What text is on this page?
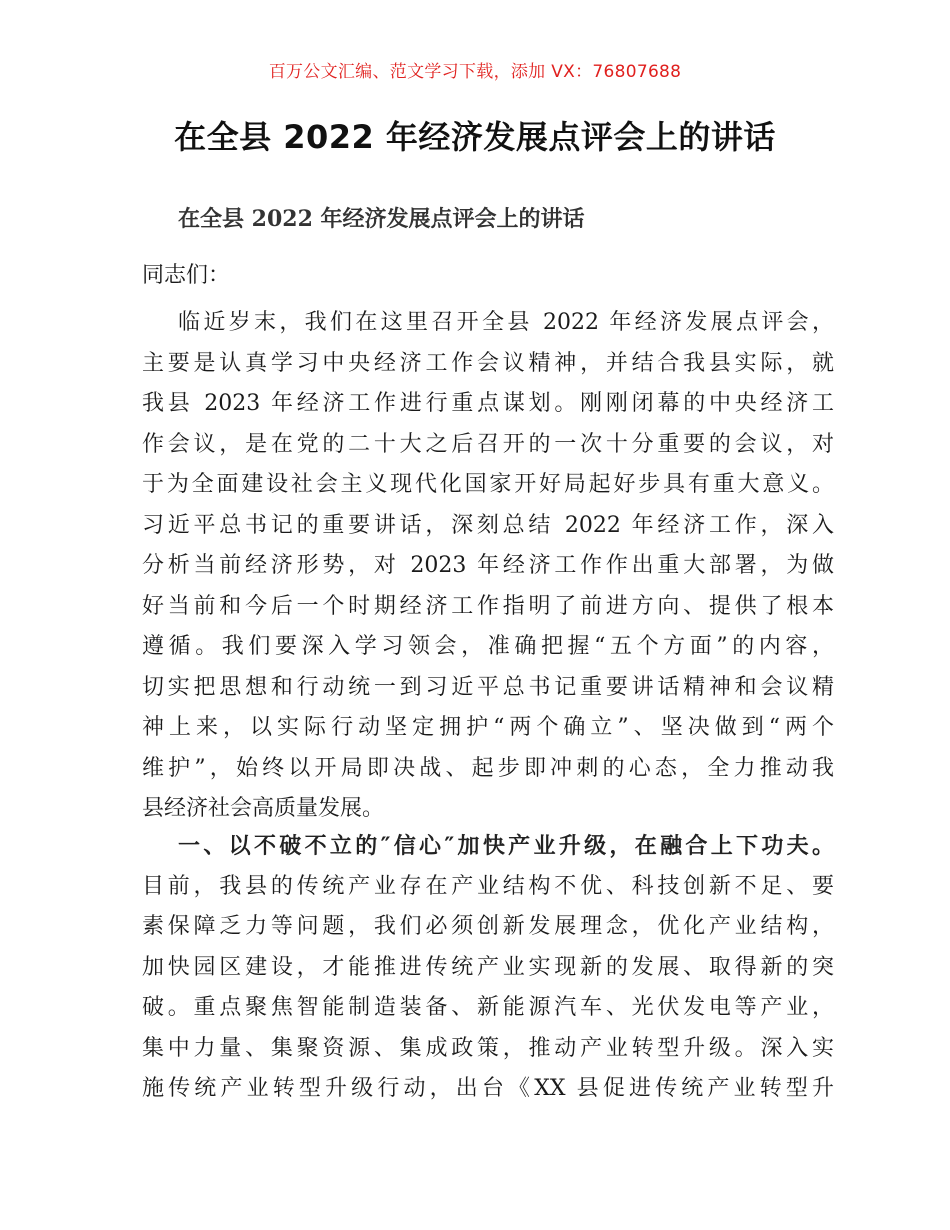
百万公文汇编、范文学习下载，添加 VX：76807688
在全县 2022 年经济发展点评会上的讲话
在全县 2022 年经济发展点评会上的讲话

同志们：

临近岁末，我们在这里召开全县 2022 年经济发展点评会，
主要是认真学习中央经济工作会议精神，并结合我县实际，就
我县 2023 年经济工作进行重点谋划。刚刚闭幕的中央经济工
作会议，是在党的二十大之后召开的一次十分重要的会议，对
于为全面建设社会主义现代化国家开好局起好步具有重大意义。
习近平总书记的重要讲话，深刻总结 2022 年经济工作，深入
分析当前经济形势，对 2023 年经济工作作出重大部署，为做
好当前和今后一个时期经济工作指明了前进方向、提供了根本
遵循。我们要深入学习领会，准确把握“五个方面”的内容，
切实把思想和行动统一到习近平总书记重要讲话精神和会议精
神上来，以实际行动坚定拥护“两个确立”、坚决做到“两个
维护”，始终以开局即决战、起步即冲刺的心态，全力推动我
县经济社会高质量发展。
一、以不破不立的″信心″加快产业升级，在融合上下功夫。
目前，我县的传统产业存在产业结构不优、科技创新不足、要
素保障乏力等问题，我们必须创新发展理念，优化产业结构，
加快园区建设，才能推进传统产业实现新的发展、取得新的突
破。重点聚焦智能制造装备、新能源汽车、光伏发电等产业，
集中力量、集聚资源、集成政策，推动产业转型升级。深入实
施传统产业转型升级行动，出台《XX 县促进传统产业转型升
